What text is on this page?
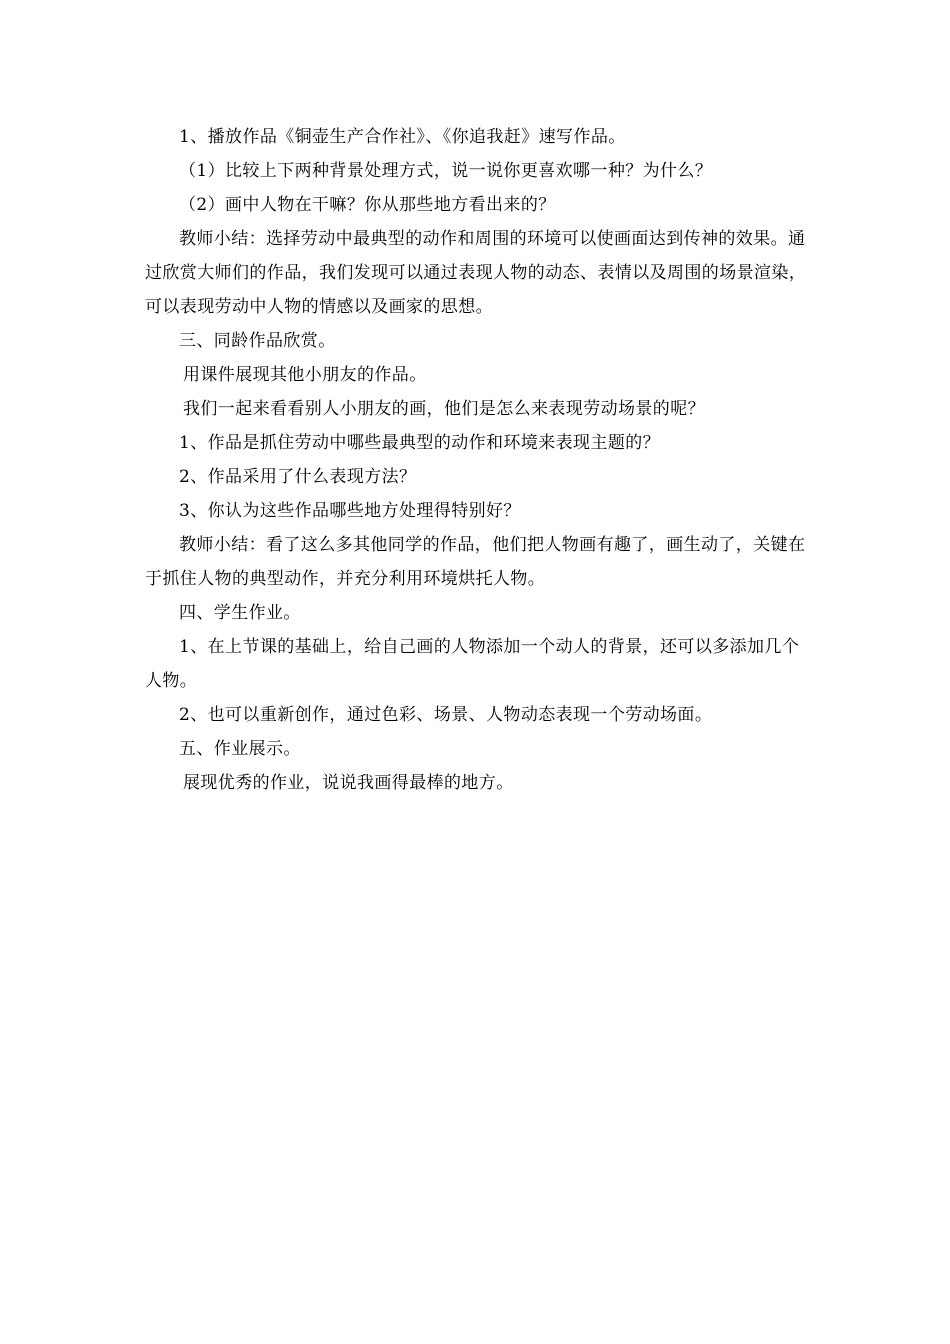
1、播放作品《铜壶生产合作社》、《你追我赶》速写作品。

（1）比较上下两种背景处理方式，说一说你更喜欢哪一种？为什么？

（2）画中人物在干嘛？你从那些地方看出来的？

教师小结：选择劳动中最典型的动作和周围的环境可以使画面达到传神的效果。通过欣赏大师们的作品，我们发现可以通过表现人物的动态、表情以及周围的场景渲染，可以表现劳动中人物的情感以及画家的思想。

三、同龄作品欣赏。

用课件展现其他小朋友的作品。

我们一起来看看别人小朋友的画，他们是怎么来表现劳动场景的呢？

1、作品是抓住劳动中哪些最典型的动作和环境来表现主题的？

2、作品采用了什么表现方法？

3、你认为这些作品哪些地方处理得特别好？

教师小结：看了这么多其他同学的作品，他们把人物画有趣了，画生动了，关键在于抓住人物的典型动作，并充分利用环境烘托人物。

四、学生作业。

1、在上节课的基础上，给自己画的人物添加一个动人的背景，还可以多添加几个人物。

2、也可以重新创作，通过色彩、场景、人物动态表现一个劳动场面。

五、作业展示。

展现优秀的作业，说说我画得最棒的地方。
